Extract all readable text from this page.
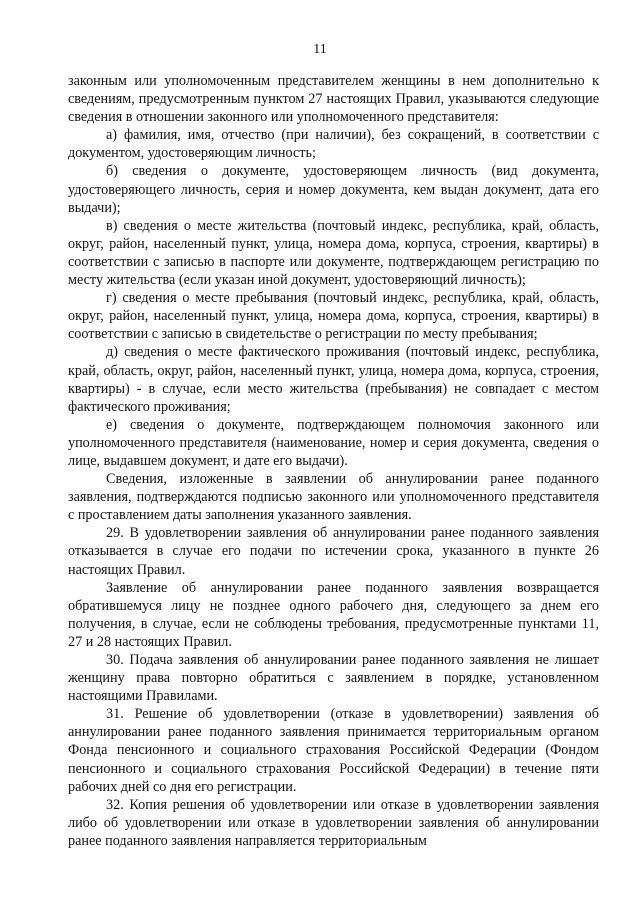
11

законным или уполномоченным представителем женщины в нем дополнительно к сведениям, предусмотренным пунктом 27 настоящих Правил, указываются следующие сведения в отношении законного или уполномоченного представителя:

а) фамилия, имя, отчество (при наличии), без сокращений, в соответствии с документом, удостоверяющим личность;

б) сведения о документе, удостоверяющем личность (вид документа, удостоверяющего личность, серия и номер документа, кем выдан документ, дата его выдачи);

в) сведения о месте жительства (почтовый индекс, республика, край, область, округ, район, населенный пункт, улица, номера дома, корпуса, строения, квартиры) в соответствии с записью в паспорте или документе, подтверждающем регистрацию по месту жительства (если указан иной документ, удостоверяющий личность);

г) сведения о месте пребывания (почтовый индекс, республика, край, область, округ, район, населенный пункт, улица, номера дома, корпуса, строения, квартиры) в соответствии с записью в свидетельстве о регистрации по месту пребывания;

д) сведения о месте фактического проживания (почтовый индекс, республика, край, область, округ, район, населенный пункт, улица, номера дома, корпуса, строения, квартиры) - в случае, если место жительства (пребывания) не совпадает с местом фактического проживания;

е) сведения о документе, подтверждающем полномочия законного или уполномоченного представителя (наименование, номер и серия документа, сведения о лице, выдавшем документ, и дате его выдачи).

Сведения, изложенные в заявлении об аннулировании ранее поданного заявления, подтверждаются подписью законного или уполномоченного представителя с проставлением даты заполнения указанного заявления.

29. В удовлетворении заявления об аннулировании ранее поданного заявления отказывается в случае его подачи по истечении срока, указанного в пункте 26 настоящих Правил.

Заявление об аннулировании ранее поданного заявления возвращается обратившемуся лицу не позднее одного рабочего дня, следующего за днем его получения, в случае, если не соблюдены требования, предусмотренные пунктами 11, 27 и 28 настоящих Правил.

30. Подача заявления об аннулировании ранее поданного заявления не лишает женщину права повторно обратиться с заявлением в порядке, установленном настоящими Правилами.

31. Решение об удовлетворении (отказе в удовлетворении) заявления об аннулировании ранее поданного заявления принимается территориальным органом Фонда пенсионного и социального страхования Российской Федерации (Фондом пенсионного и социального страхования Российской Федерации) в течение пяти рабочих дней со дня его регистрации.

32. Копия решения об удовлетворении или отказе в удовлетворении заявления либо об удовлетворении или отказе в удовлетворении заявления об аннулировании ранее поданного заявления направляется территориальным
